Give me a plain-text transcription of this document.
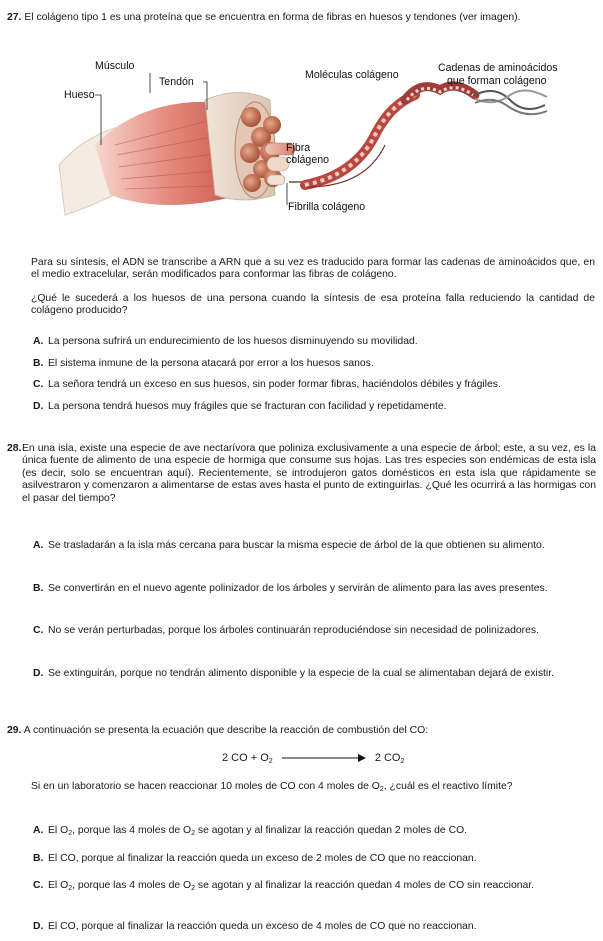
27. El colágeno tipo 1 es una proteína que se encuentra en forma de fibras en huesos y tendones (ver imagen).
Músculo
Tendón
Hueso
Moléculas colágeno
Cadenas de aminoácidos
que forman colágeno
Fibra
colágeno
Fibrilla colágeno
Para su síntesis, el ADN se transcribe a ARN que a su vez es traducido para formar las cadenas de aminoácidos que, en el medio extracelular, serán modificados para conformar las fibras de colágeno.
¿Qué le sucederá a los huesos de una persona cuando la síntesis de esa proteína falla reduciendo la cantidad de colágeno producido?
A. La persona sufrirá un endurecimiento de los huesos disminuyendo su movilidad.
B. El sistema inmune de la persona atacará por error a los huesos sanos.
C. La señora tendrá un exceso en sus huesos, sin poder formar fibras, haciéndolos débiles y frágiles.
D. La persona tendrá huesos muy frágiles que se fracturan con facilidad y repetidamente.
28. En una isla, existe una especie de ave nectarívora que poliniza exclusivamente a una especie de árbol; este, a su vez, es la única fuente de alimento de una especie de hormiga que consume sus hojas. Las tres especies son endémicas de esta isla (es decir, solo se encuentran aquí). Recientemente, se introdujeron gatos domésticos en esta isla que rápidamente se asilvestraron y comenzaron a alimentarse de estas aves hasta el punto de extinguirlas. ¿Qué les ocurrirá a las hormigas con el pasar del tiempo?
A. Se trasladarán a la isla más cercana para buscar la misma especie de árbol de la que obtienen su alimento.
B. Se convertirán en el nuevo agente polinizador de los árboles y servirán de alimento para las aves presentes.
C. No se verán perturbadas, porque los árboles continuarán reproduciéndose sin necesidad de polinizadores.
D. Se extinguirán, porque no tendrán alimento disponible y la especie de la cual se alimentaban dejará de existir.
29. A continuación se presenta la ecuación que describe la reacción de combustión del CO:
2 CO + $O_2$	2 $CO_2$
Si en un laboratorio se hacen reaccionar 10 moles de CO con 4 moles de $O_2$, ¿cuál es el reactivo límite?
A. El $O_2$, porque las 4 moles de $O_2$ se agotan y al finalizar la reacción quedan 2 moles de CO.
B. El CO, porque al finalizar la reacción queda un exceso de 2 moles de CO que no reaccionan.
C. El $O_2$, porque las 4 moles de $O_2$ se agotan y al finalizar la reacción quedan 4 moles de CO sin reaccionar.
D. El CO, porque al finalizar la reacción queda un exceso de 4 moles de CO que no reaccionan.
